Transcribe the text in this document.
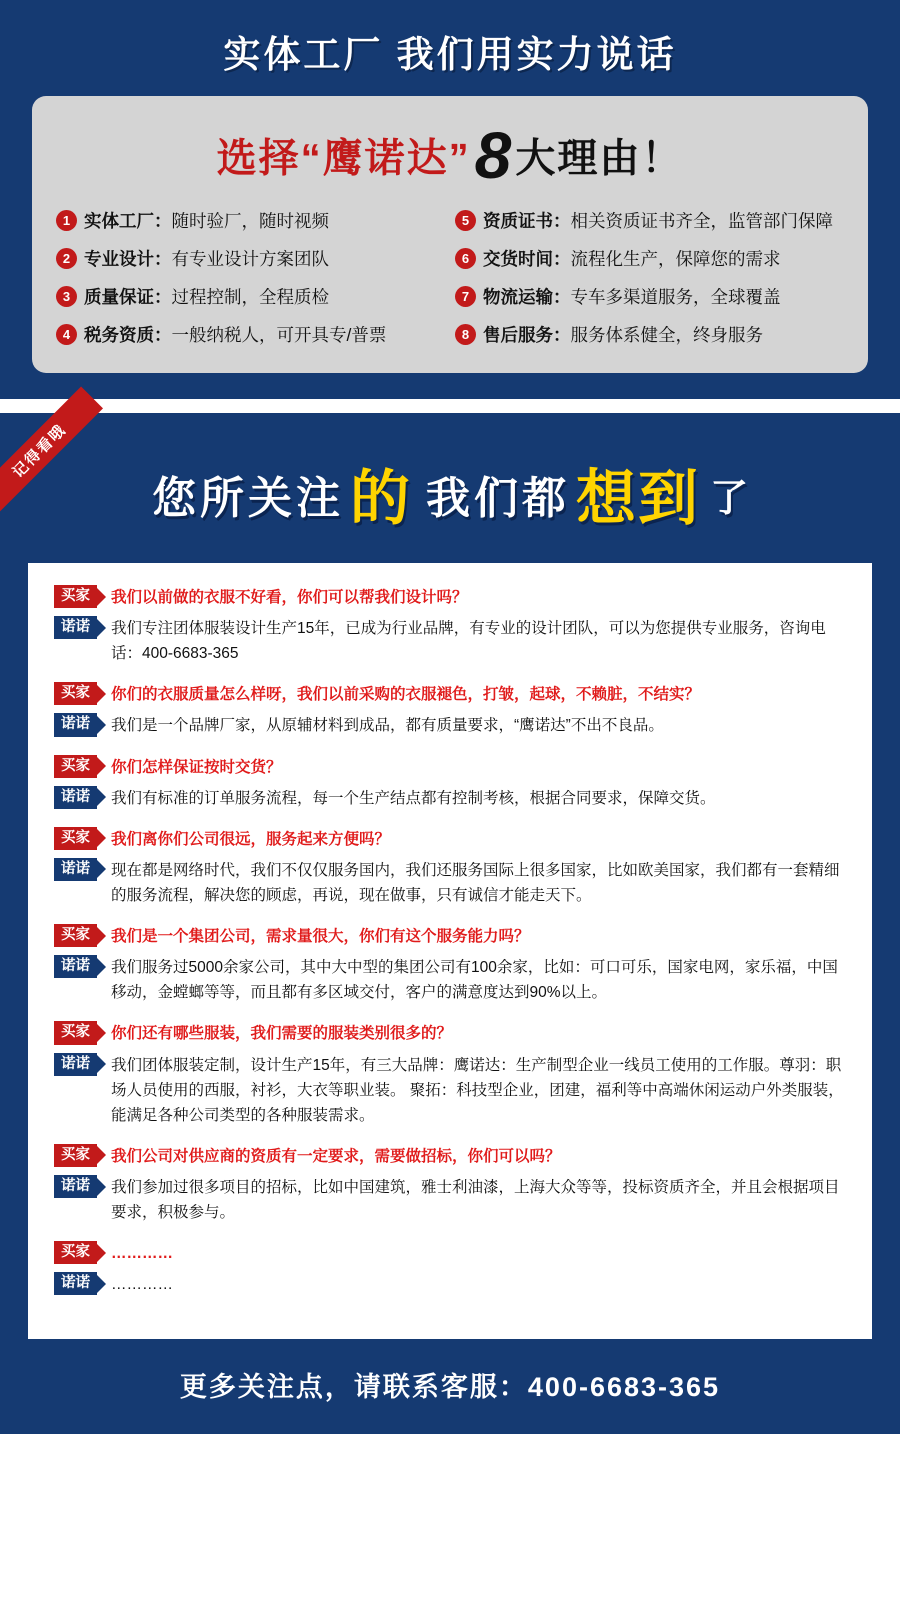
实体工厂 我们用实力说话
选择“鹰诺达”8 大理由！
1 实体工厂： 随时验厂，随时视频	5 资质证书： 相关资质证书齐全，监管部门保障
2 专业设计： 有专业设计方案团队	6 交货时间： 流程化生产，保障您的需求
3 质量保证： 过程控制，全程质检	7 物流运输： 专车多渠道服务，全球覆盖
4 税务资质： 一般纳税人，可开具专/普票	8 售后服务： 服务体系健全，终身服务
记得看哦
您所关注 的 我们都 想到 了
买家	我们以前做的衣服不好看，你们可以帮我们设计吗？
诺诺	我们专注团体服装设计生产15年，已成为行业品牌，有专业的设计团队，可以为您提供专业服务，咨询电话：400-6683-365
买家	你们的衣服质量怎么样呀，我们以前采购的衣服褪色，打皱，起球，不赖脏，不结实？
诺诺	我们是一个品牌厂家，从原辅材料到成品，都有质量要求，“鹰诺达”不出不良品。
买家	你们怎样保证按时交货？
诺诺	我们有标准的订单服务流程，每一个生产结点都有控制考核，根据合同要求，保障交货。
买家	我们离你们公司很远，服务起来方便吗？
诺诺	现在都是网络时代，我们不仅仅服务国内，我们还服务国际上很多国家，比如欧美国家，我们都有一套精细的服务流程，解决您的顾虑，再说，现在做事，只有诚信才能走天下。
买家	我们是一个集团公司，需求量很大，你们有这个服务能力吗？
诺诺	我们服务过5000余家公司，其中大中型的集团公司有100余家，比如：可口可乐，国家电网，家乐福，中国移动，金螳螂等等，而且都有多区域交付，客户的满意度达到90%以上。
买家	你们还有哪些服装，我们需要的服装类别很多的？
诺诺	我们团体服装定制，设计生产15年，有三大品牌：鹰诺达：生产制型企业一线员工使用的工作服。尊羽：职场人员使用的西服，衬衫，大衣等职业装。 聚拓：科技型企业，团建，福利等中高端休闲运动户外类服装，能满足各种公司类型的各种服装需求。
买家	我们公司对供应商的资质有一定要求，需要做招标，你们可以吗？
诺诺	我们参加过很多项目的招标，比如中国建筑，雅士利油漆，上海大众等等，投标资质齐全，并且会根据项目要求，积极参与。
买家	…………
诺诺	…………
更多关注点，请联系客服：400-6683-365
